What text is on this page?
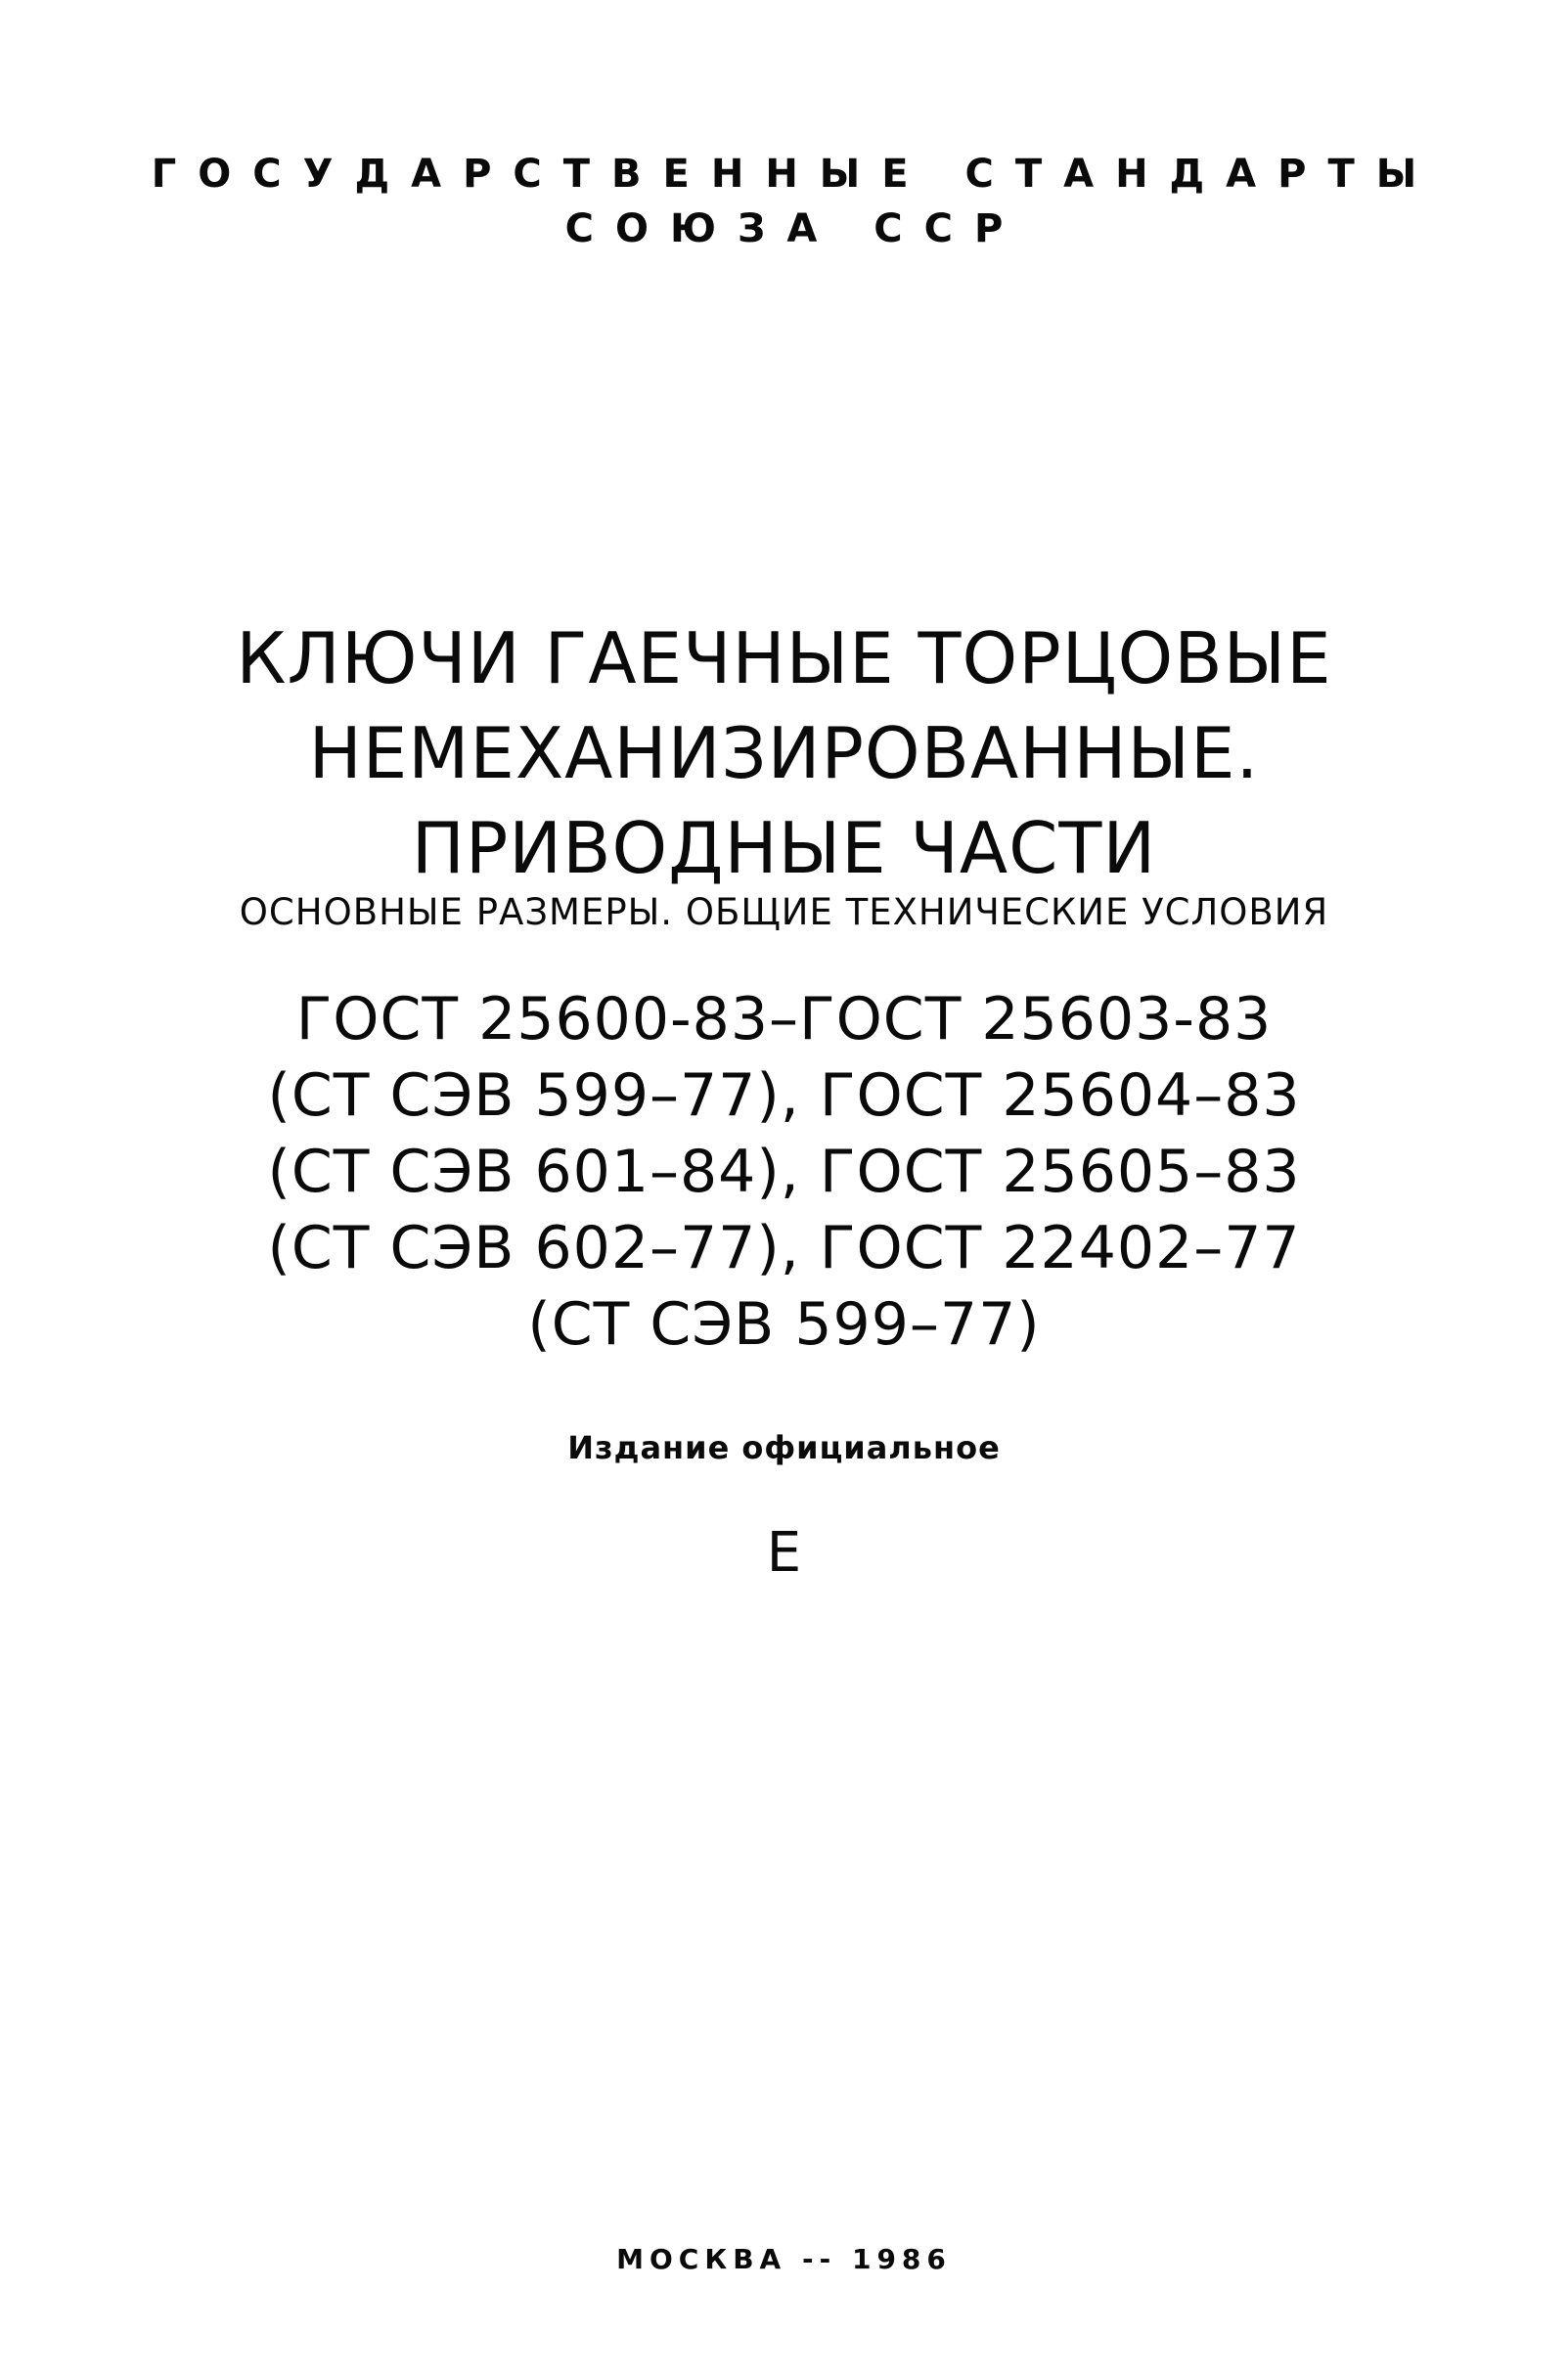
ГОСУДАРСТВЕННЫЕ СТАНДАРТЫ
СОЮЗА ССР
КЛЮЧИ ГАЕЧНЫЕ ТОРЦОВЫЕ
НЕМЕХАНИЗИРОВАННЫЕ.
ПРИВОДНЫЕ ЧАСТИ
ОСНОВНЫЕ РАЗМЕРЫ. ОБЩИЕ ТЕХНИЧЕСКИЕ УСЛОВИЯ
ГОСТ 25600-83–ГОСТ 25603-83
(СТ СЭВ 599–77), ГОСТ 25604–83
(СТ СЭВ 601–84), ГОСТ 25605–83
(СТ СЭВ 602–77), ГОСТ 22402–77
(СТ СЭВ 599–77)
Издание официальное
Е
МОСКВА -- 1986
